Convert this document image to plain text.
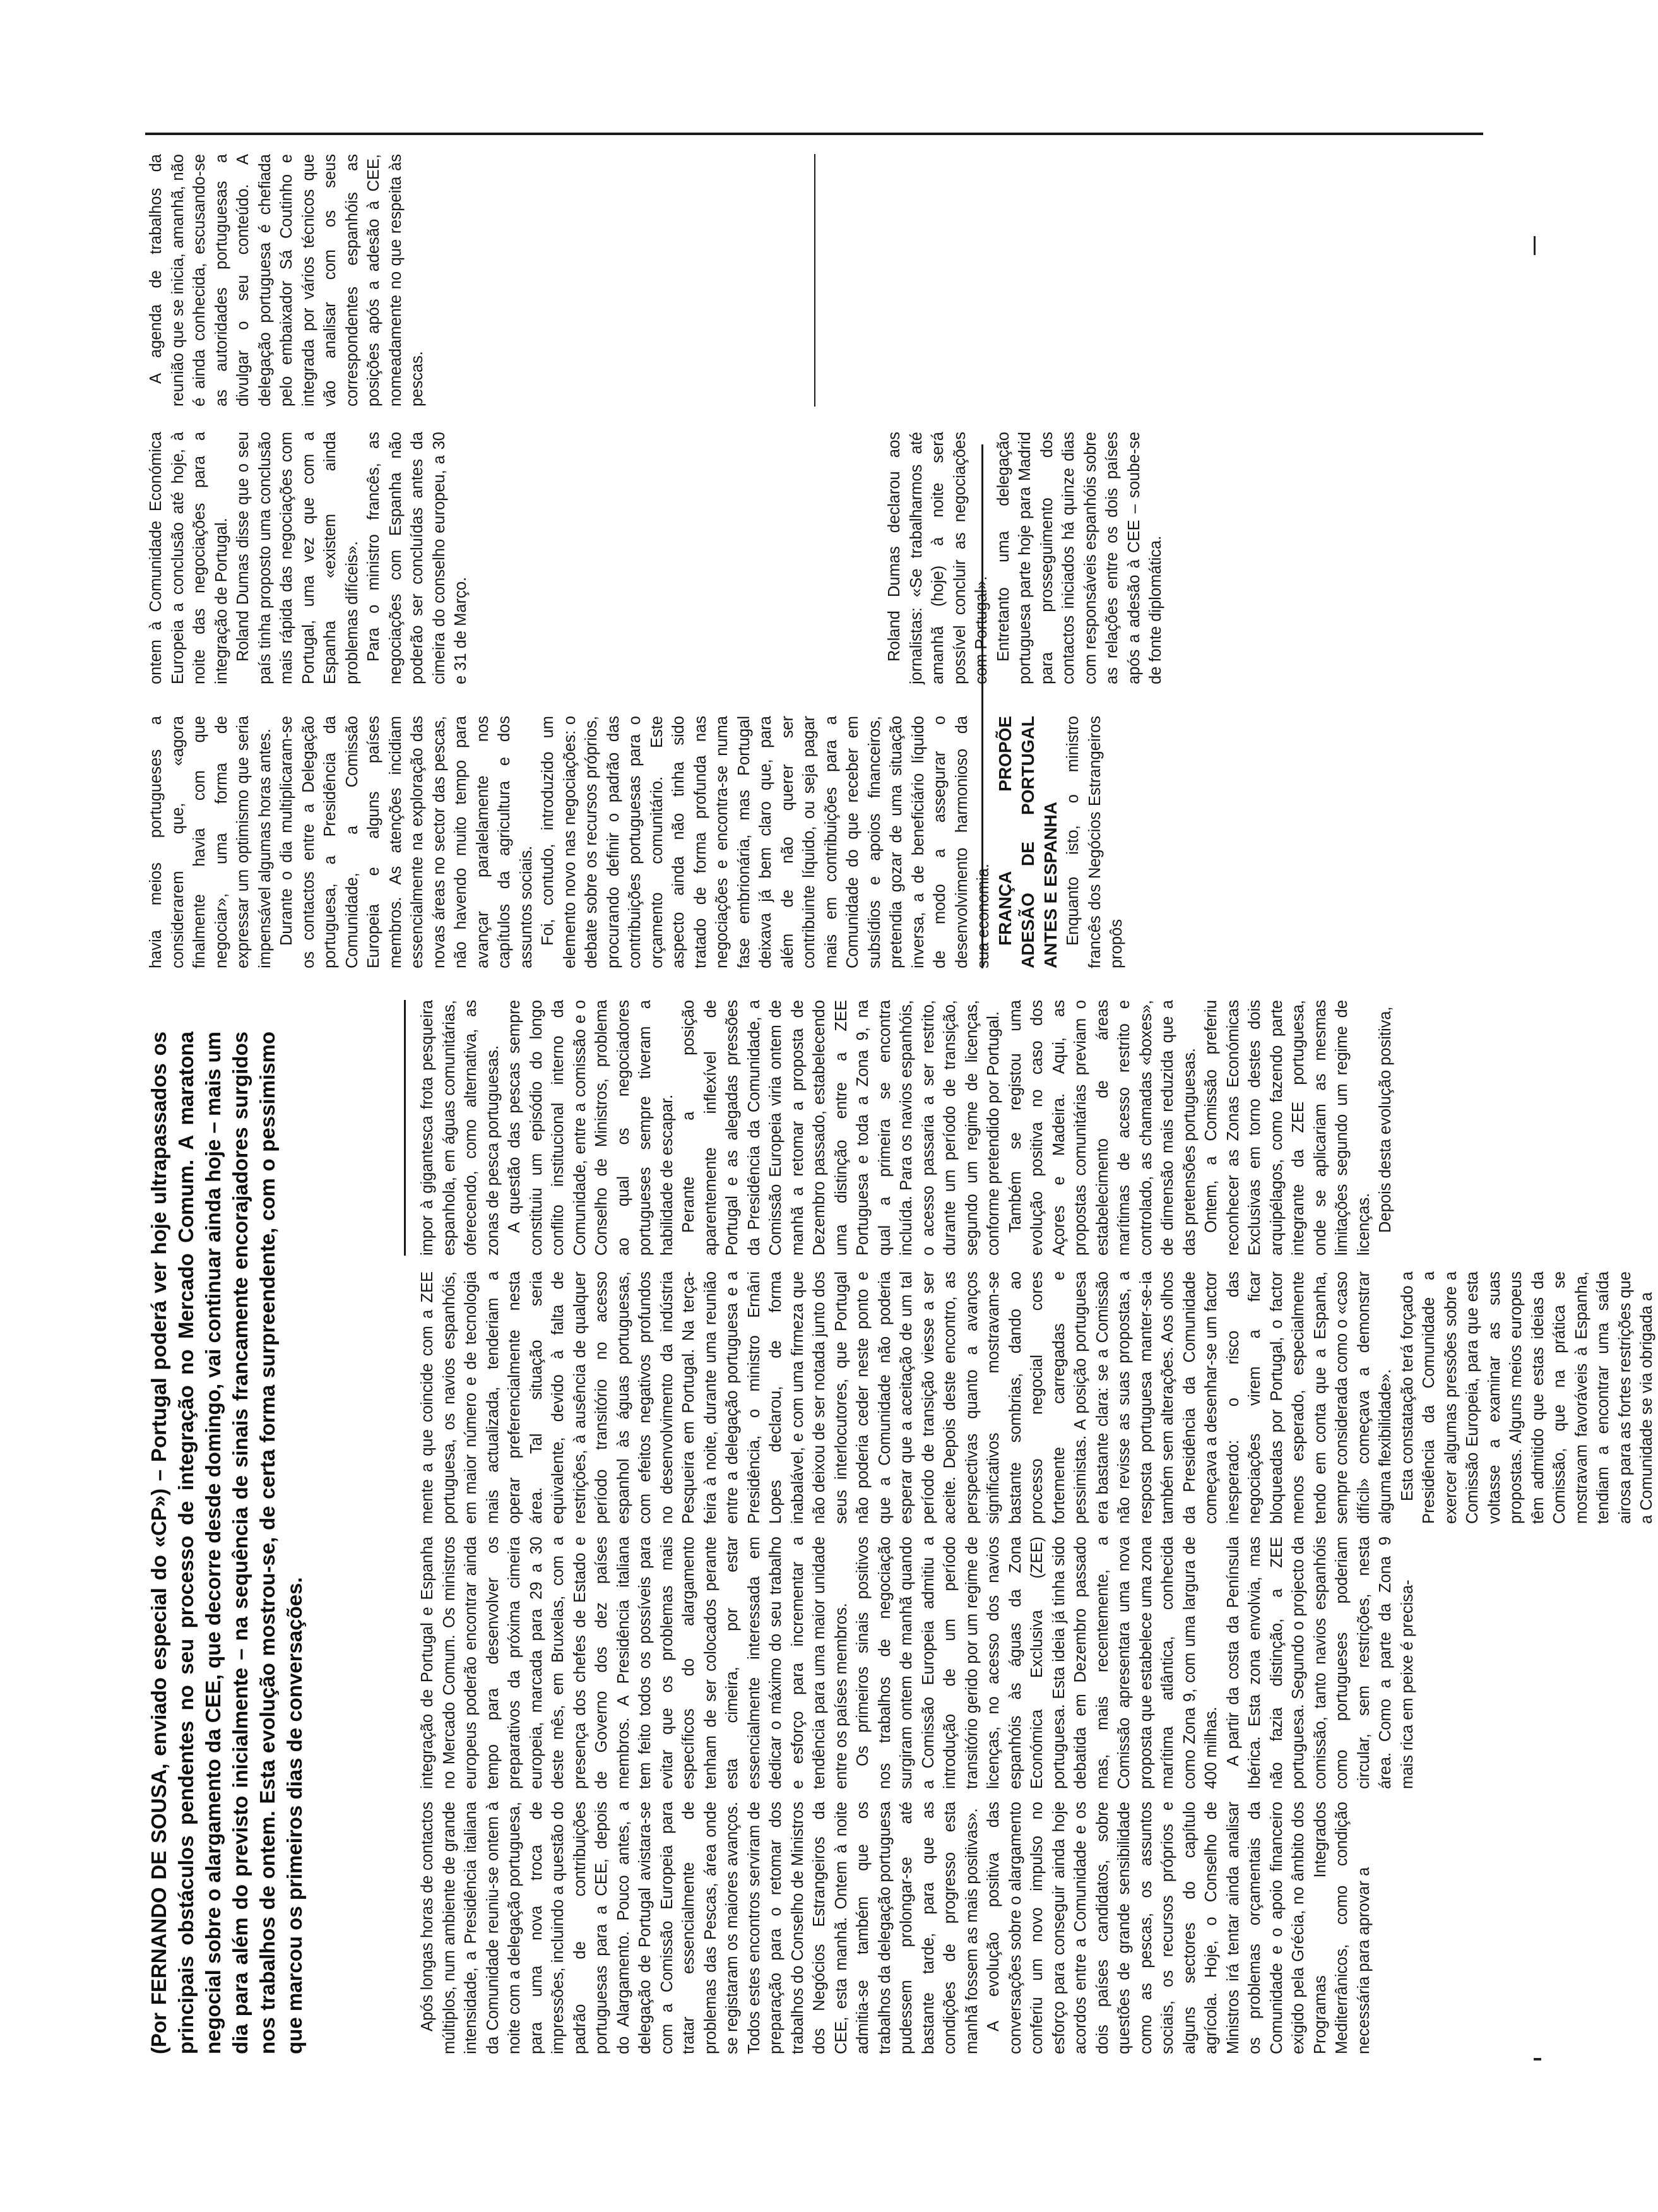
(Por FERNANDO DE SOUSA, enviado especial do «CP») – Portugal poderá ver hoje ultrapassados os principais obstáculos pendentes no seu processo de integração no Mercado Comum. A maratona negocial sobre o alargamento da CEE, que decorre desde domingo, vai continuar ainda hoje – mais um dia para além do previsto inicialmente – na sequência de sinais francamente encorajadores surgidos nos trabalhos de ontem. Esta evolução mostrou-se, de certa forma surpreendente, com o pessimismo que marcou os primeiros dias de conversações.	Após longas horas de contactos múltiplos, num ambiente de grande intensidade, a Presidência italiana da Comunidade reuniu-se ontem à noite com a delegação portuguesa, para uma nova troca de impressões, incluindo a questão do padrão de contribuições portuguesas para a CEE, depois do Alargamento. Pouco antes, a delegação de Portugal avistara-se com a Comissão Europeia para tratar essencialmente de problemas das Pescas, área onde se registaram os maiores avanços. Todos estes encontros serviram de preparação para o retomar dos trabalhos do Conselho de Ministros dos Negócios Estrangeiros da CEE, esta manhã. Ontem à noite admitia-se também que os trabalhos da delegação portuguesa pudessem prolongar-se até bastante tarde, para que as condições de progresso esta manhã fossem as mais positivas». A evolução positiva das conversações sobre o alargamento conferiu um novo impulso no esforço para conseguir ainda hoje acordos entre a Comunidade e os dois países candidatos, sobre questões de grande sensibilidade como as pescas, os assuntos sociais, os recursos próprios e alguns sectores do capítulo agrícola. Hoje, o Conselho de Ministros irá tentar ainda analisar os problemas orçamentais da Comunidade e o apoio financeiro exigido pela Grécia, no âmbito dos Programas Integrados Mediterrânicos, como condição necessária para aprovar a

integração de Portugal e Espanha no Mercado Comum. Os ministros europeus poderão encontrar ainda tempo para desenvolver os preparativos da próxima cimeira europeia, marcada para 29 a 30 deste mês, em Bruxelas, com a presença dos chefes de Estado e de Governo dos dez países membros. A Presidência italiana tem feito todos os possíveis para evitar que os problemas mais específicos do alargamento tenham de ser colocados perante esta cimeira, por estar essencialmente interessada em dedicar o máximo do seu trabalho e esforço para incrementar a tendência para uma maior unidade entre os países membros. Os primeiros sinais positivos nos trabalhos de negociação surgiram ontem de manhã quando a Comissão Europeia admitiu a introdução de um período transitório gerido por um regime de licenças, no acesso dos navios espanhóis às águas da Zona Económica Exclusiva (ZEE) portuguesa. Esta ideia já tinha sido debatida em Dezembro passado mas, mais recentemente, a Comissão apresentara uma nova proposta que estabelece uma zona marítima atlântica, conhecida como Zona 9, com uma largura de 400 milhas. A partir da costa da Península Ibérica. Esta zona envolvia, mas não fazia distinção, a ZEE portuguesa. Segundo o projecto da comissão, tanto navios espanhóis como portugueses poderiam circular, sem restrições, nesta área. Como a parte da Zona 9 mais rica em peixe é precisa-

mente a que coincide com a ZEE portuguesa, os navios espanhóis, em maior número e de tecnologia mais actualizada, tenderiam a operar preferencialmente nesta área. Tal situação seria equivalente, devido à falta de restrições, à ausência de qualquer período transitório no acesso espanhol às águas portuguesas, com efeitos negativos profundos no desenvolvimento da indústria Pesqueira em Portugal. Na terça-feira à noite, durante uma reunião entre a delegação portuguesa e a Presidência, o ministro Ernâni Lopes declarou, de forma inabalável, e com uma firmeza que não deixou de ser notada junto dos seus interlocutores, que Portugal não poderia ceder neste ponto e que a Comunidade não poderia esperar que a aceitação de um tal período de transição viesse a ser aceite. Depois deste encontro, as perspectivas quanto a avanços significativos mostravam-se bastante sombrias, dando ao processo negocial cores fortemente carregadas e pessimistas. A posição portuguesa era bastante clara: se a Comissão não revisse as suas propostas, a resposta portuguesa manter-se-ia também sem alterações. Aos olhos da Presidência da Comunidade começava a desenhar-se um factor inesperado: o risco das negociações virem a ficar bloqueadas por Portugal, o factor menos esperado, especialmente tendo em conta que a Espanha, sempre considerada como o «caso difícil» começava a demonstrar alguma flexibilidade». Esta constatação terá forçado a Presidência da Comunidade a exercer algumas pressões sobre a Comissão Europeia, para que esta voltasse a examinar as suas propostas. Alguns meios europeus têm admitido que estas ideias da Comissão, que na prática se mostravam favoráveis à Espanha, tendiam a encontrar uma saída airosa para as fortes restrições que a Comunidade se via obrigada a

impor à gigantesca frota pesqueira espanhola, em águas comunitárias, oferecendo, como alternativa, as zonas de pesca portuguesas. A questão das pescas sempre constituiu um episódio do longo conflito institucional interno da Comunidade, entre a comissão e o Conselho de Ministros, problema ao qual os negociadores portugueses sempre tiveram a habilidade de escapar. Perante a posição aparentemente inflexível de Portugal e as alegadas pressões da Presidência da Comunidade, a Comissão Europeia viria ontem de manhã a retomar a proposta de Dezembro passado, estabelecendo uma distinção entre a ZEE Portuguesa e toda a Zona 9, na qual a primeira se encontra incluída. Para os navios espanhóis, o acesso passaria a ser restrito, durante um período de transição, segundo um regime de licenças, conforme pretendido por Portugal. Também se registou uma evolução positiva no caso dos Açores e Madeira. Aqui, as propostas comunitárias previam o estabelecimento de áreas marítimas de acesso restrito e controlado, as chamadas «boxes», de dimensão mais reduzida que a das pretensões portuguesas. Ontem, a Comissão preferiu reconhecer as Zonas Económicas Exclusivas em torno destes dois arquipélagos, como fazendo parte integrante da ZEE portuguesa, onde se aplicariam as mesmas limitações segundo um regime de licenças. Depois desta evolução positiva,

havia meios portugueses a considerarem que, «agora finalmente havia com que negociar», uma forma de expressar um optimismo que seria impensável algumas horas antes. Durante o dia multiplicaram-se os contactos entre a Delegação portuguesa, a Presidência da Comunidade, a Comissão Europeia e alguns países membros. As atenções incidiam essencialmente na exploração das novas áreas no sector das pescas, não havendo muito tempo para avançar paralelamente nos capítulos da agricultura e dos assuntos sociais. Foi, contudo, introduzido um elemento novo nas negociações: o debate sobre os recursos próprios, procurando definir o padrão das contribuições portuguesas para o orçamento comunitário. Este aspecto ainda não tinha sido tratado de forma profunda nas negociações e encontra-se numa fase embrionária, mas Portugal deixava já bem claro que, para além de não querer ser contribuinte líquido, ou seja pagar mais em contribuições para a Comunidade do que receber em subsídios e apoios financeiros, pretendia gozar de uma situação inversa, a de beneficiário líquido de modo a assegurar o desenvolvimento harmonioso da sua economia. FRANÇA PROPÕE ADESÃO DE PORTUGAL ANTES E ESPANHA Enquanto isto, o ministro francês dos Negócios Estrangeiros propôs

ontem à Comunidade Económica Europeia a conclusão até hoje, à noite das negociações para a integração de Portugal. Roland Dumas disse que o seu país tinha proposto uma conclusão mais rápida das negociações com Portugal, uma vez que com a Espanha «existem ainda problemas difíceis». Para o ministro francês, as negociações com Espanha não poderão ser concluídas antes da cimeira do conselho europeu, a 30 e 31 de Março.	Roland Dumas declarou aos jornalistas: «Se trabalharmos até amanhã (hoje) à noite será possível concluir as negociações com Portugal». Entretanto uma delegação portuguesa parte hoje para Madrid para prosseguimento dos contactos iniciados há quinze dias com responsáveis espanhóis sobre as relações entre os dois países após a adesão à CEE – soube-se de fonte diplomática.

A agenda de trabalhos da reunião que se inicia, amanhã, não é ainda conhecida, escusando-se as autoridades portuguesas a divulgar o seu conteúdo. A delegação portuguesa é chefiada pelo embaixador Sá Coutinho e integrada por vários técnicos que vão analisar com os seus correspondentes espanhóis as posições após a adesão à CEE, nomeadamente no que respeita às pescas.
